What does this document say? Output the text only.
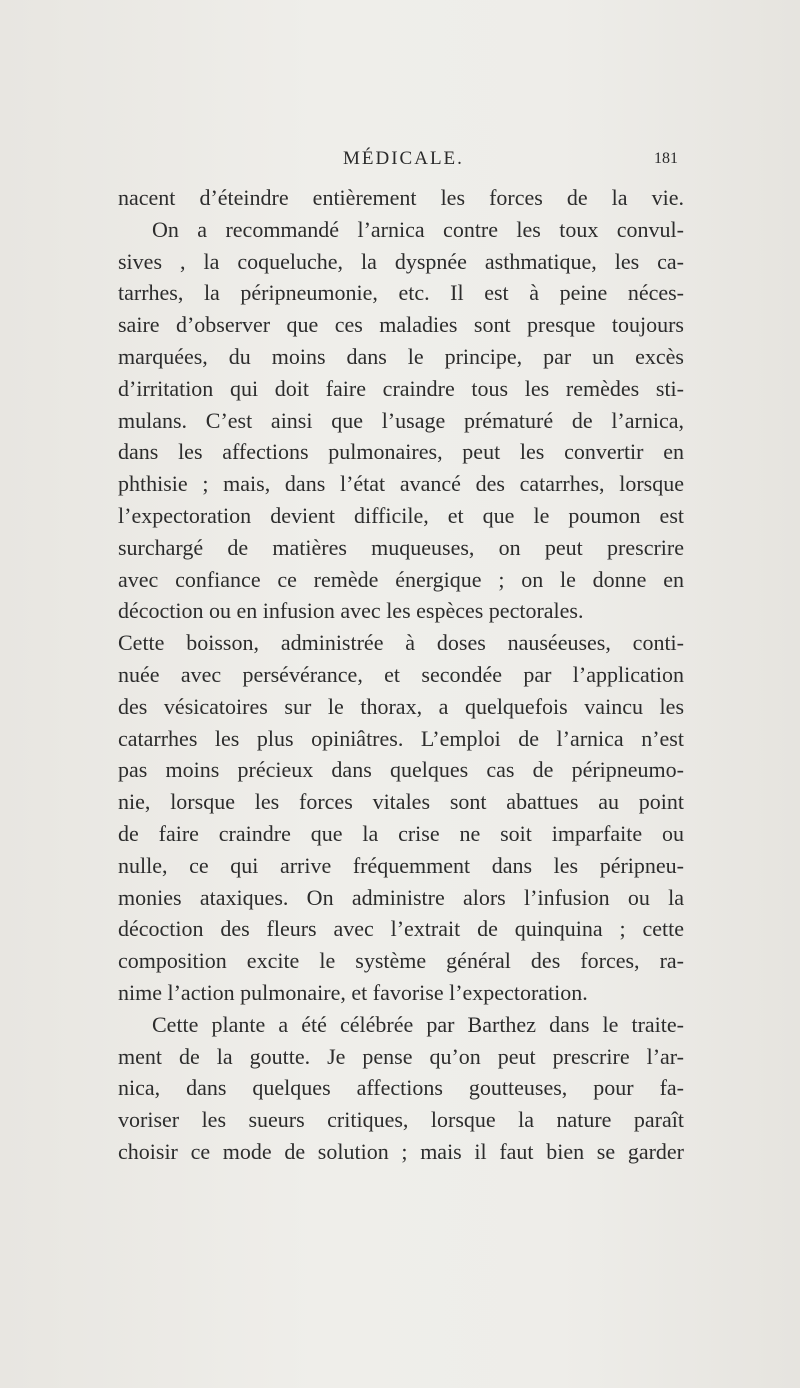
MÉDICALE.	181
nacent d’éteindre entièrement les forces de la vie.
On a recommandé l’arnica contre les toux convul-
sives , la coqueluche, la dyspnée asthmatique, les ca-
tarrhes, la péripneumonie, etc. Il est à peine néces-
saire d’observer que ces maladies sont presque toujours
marquées, du moins dans le principe, par un excès
d’irritation qui doit faire craindre tous les remèdes sti-
mulans. C’est ainsi que l’usage prématuré de l’arnica,
dans les affections pulmonaires, peut les convertir en
phthisie ; mais, dans l’état avancé des catarrhes, lorsque
l’expectoration devient difficile, et que le poumon est
surchargé de matières muqueuses, on peut prescrire
avec confiance ce remède énergique ; on le donne en
décoction ou en infusion avec les espèces pectorales.
Cette boisson, administrée à doses nauséeuses, conti-
nuée avec persévérance, et secondée par l’application
des vésicatoires sur le thorax, a quelquefois vaincu les
catarrhes les plus opiniâtres. L’emploi de l’arnica n’est
pas moins précieux dans quelques cas de péripneumo-
nie, lorsque les forces vitales sont abattues au point
de faire craindre que la crise ne soit imparfaite ou
nulle, ce qui arrive fréquemment dans les péripneu-
monies ataxiques. On administre alors l’infusion ou la
décoction des fleurs avec l’extrait de quinquina ; cette
composition excite le système général des forces, ra-
nime l’action pulmonaire, et favorise l’expectoration.
Cette plante a été célébrée par Barthez dans le traite-
ment de la goutte. Je pense qu’on peut prescrire l’ar-
nica, dans quelques affections goutteuses, pour fa-
voriser les sueurs critiques, lorsque la nature paraît
choisir ce mode de solution ; mais il faut bien se garder
